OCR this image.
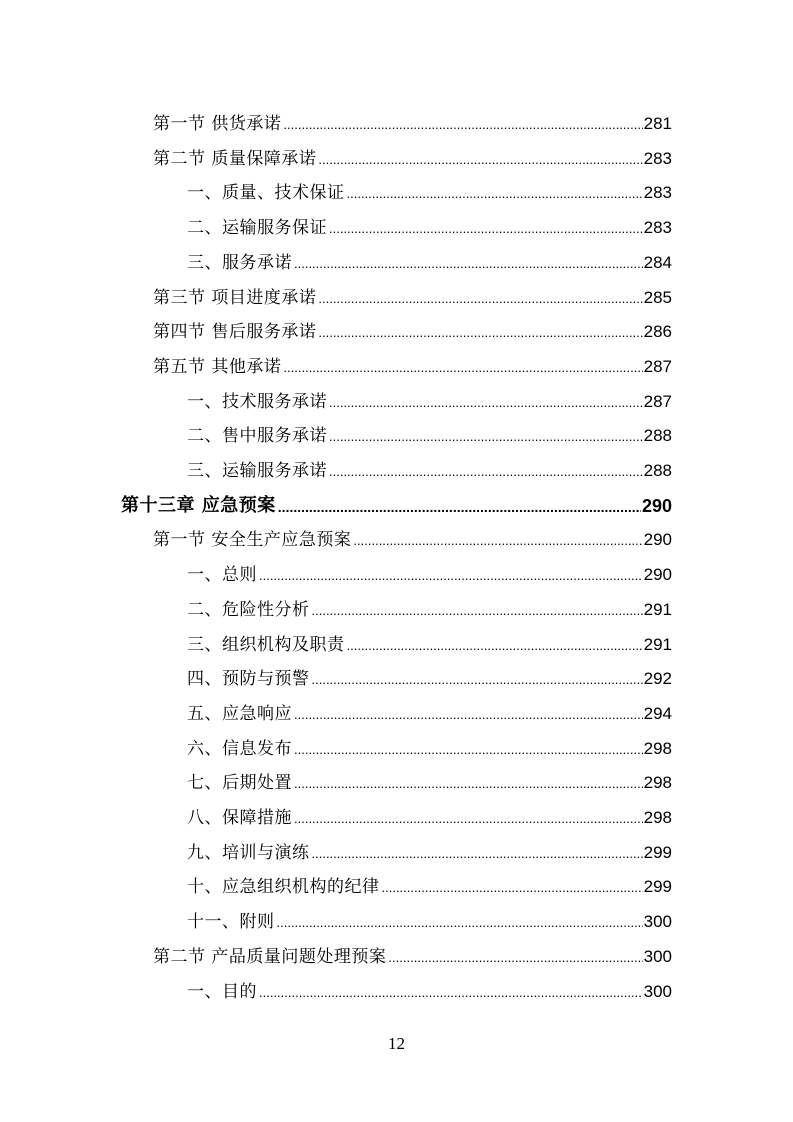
第一节 供货承诺 .....	281
第二节 质量保障承诺 .....	283
一、质量、技术保证 .....	283
二、运输服务保证 .....	283
三、服务承诺 .....	284
第三节 项目进度承诺 .....	285
第四节 售后服务承诺 .....	286
第五节 其他承诺 .....	287
一、技术服务承诺 .....	287
二、售中服务承诺 .....	288
三、运输服务承诺 .....	288
第十三章 应急预案 .....	290
第一节 安全生产应急预案 .....	290
一、总则 .....	290
二、危险性分析 .....	291
三、组织机构及职责 .....	291
四、预防与预警 .....	292
五、应急响应 .....	294
六、信息发布 .....	298
七、后期处置 .....	298
八、保障措施 .....	298
九、培训与演练 .....	299
十、应急组织机构的纪律 .....	299
十一、附则 .....	300
第二节 产品质量问题处理预案 .....	300
一、目的 .....	300
12
